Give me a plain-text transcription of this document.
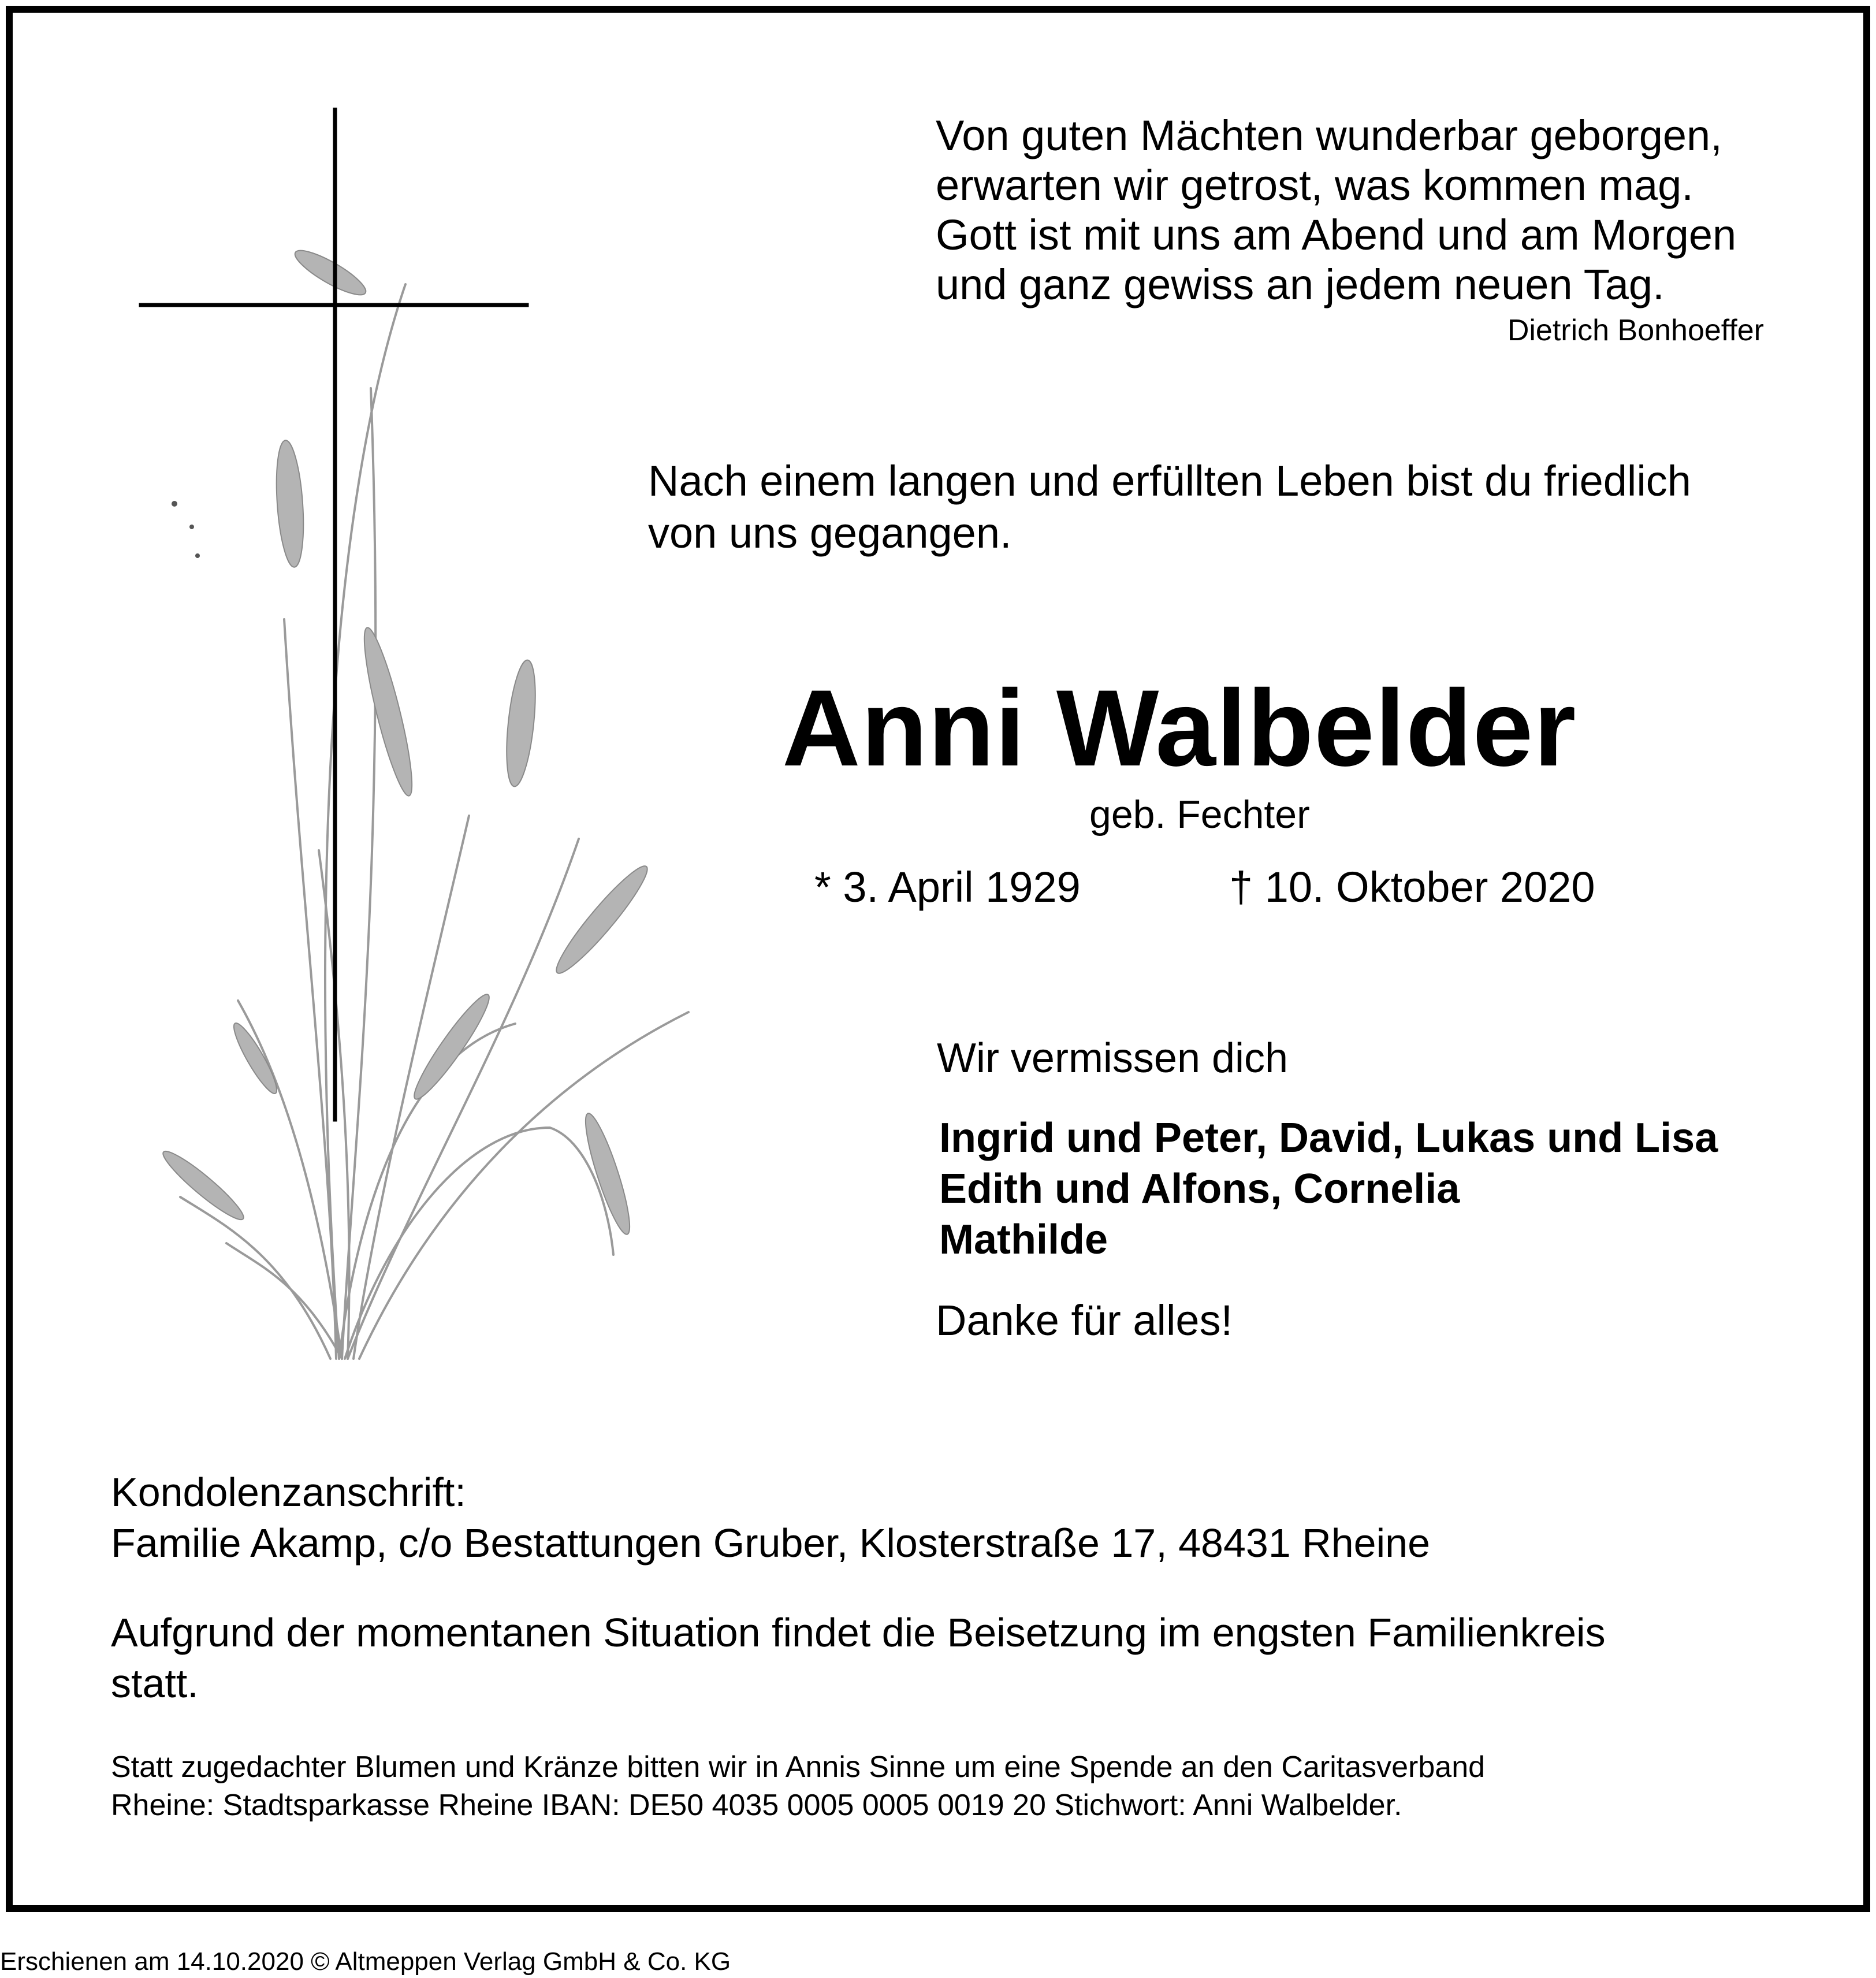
Von guten Mächten wunderbar geborgen,
erwarten wir getrost, was kommen mag.
Gott ist mit uns am Abend und am Morgen
und ganz gewiss an jedem neuen Tag.

Dietrich Bonhoeffer

Nach einem langen und erfüllten Leben bist du friedlich
von uns gegangen.
Anni Walbelder

geb. Fechter

* 3. April 1929	† 10. Oktober 2020

Wir vermissen dich

Ingrid und Peter, David, Lukas und Lisa
Edith und Alfons, Cornelia
Mathilde

Danke für alles!

Kondolenzanschrift:

Familie Akamp, c/o Bestattungen Gruber, Klosterstraße 17, 48431 Rheine

Aufgrund der momentanen Situation findet die Beisetzung im engsten Familienkreis
statt.
Statt zugedachter Blumen und Kränze bitten wir in Annis Sinne um eine Spende an den Caritasverband
Rheine: Stadtsparkasse Rheine IBAN: DE50 4035 0005 0005 0019 20 Stichwort: Anni Walbelder.

Erschienen am 14.10.2020 © Altmeppen Verlag GmbH & Co. KG
